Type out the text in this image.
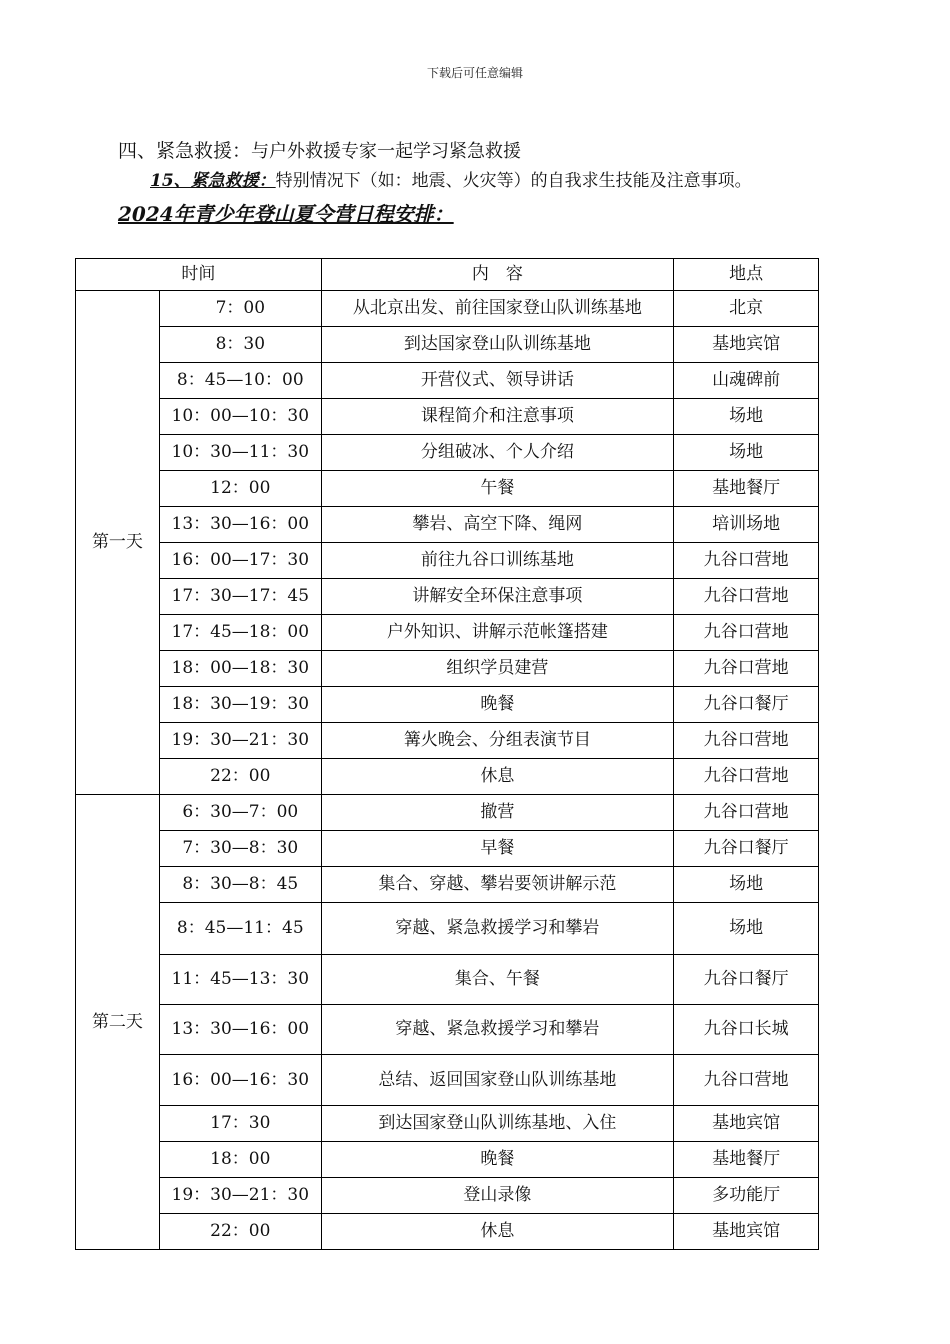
下载后可任意编辑
四、紧急救援：与户外救援专家一起学习紧急救援
15、紧急救援：特别情况下（如：地震、火灾等）的自我求生技能及注意事项。
2024年青少年登山夏令营日程安排：
时间		内　容	地点
第一天	7：00	从北京出发、前往国家登山队训练基地	北京
	8：30	到达国家登山队训练基地	基地宾馆
	8：45—10：00	开营仪式、领导讲话	山魂碑前
	10：00—10：30	课程简介和注意事项	场地
	10：30—11：30	分组破冰、个人介绍	场地
	12：00	午餐	基地餐厅
	13：30—16：00	攀岩、高空下降、绳网	培训场地
	16：00—17：30	前往九谷口训练基地	九谷口营地
	17：30—17：45	讲解安全环保注意事项	九谷口营地
	17：45—18：00	户外知识、讲解示范帐篷搭建	九谷口营地
	18：00—18：30	组织学员建营	九谷口营地
	18：30—19：30	晚餐	九谷口餐厅
	19：30—21：30	篝火晚会、分组表演节目	九谷口营地
	22：00	休息	九谷口营地
第二天	6：30—7：00	撤营	九谷口营地
	7：30—8：30	早餐	九谷口餐厅
	8：30—8：45	集合、穿越、攀岩要领讲解示范	场地
	8：45—11：45	穿越、紧急救援学习和攀岩	场地
	11：45—13：30	集合、午餐	九谷口餐厅
	13：30—16：00	穿越、紧急救援学习和攀岩	九谷口长城
	16：00—16：30	总结、返回国家登山队训练基地	九谷口营地
	17：30	到达国家登山队训练基地、入住	基地宾馆
	18：00	晚餐	基地餐厅
	19：30—21：30	登山录像	多功能厅
	22：00	休息	基地宾馆
